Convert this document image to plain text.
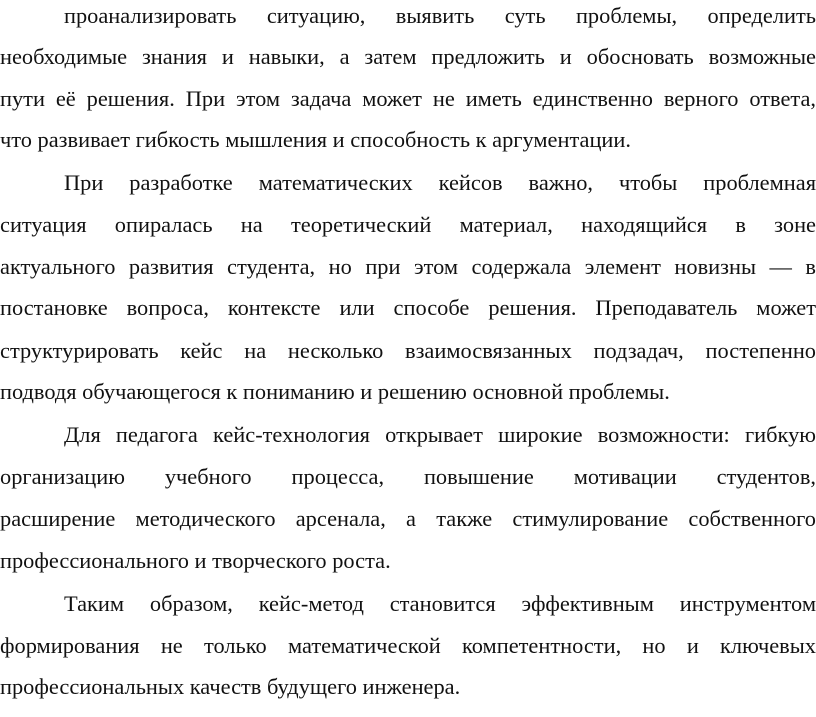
проанализировать ситуацию, выявить суть проблемы, определить
необходимые знания и навыки, а затем предложить и обосновать возможные
пути её решения. При этом задача может не иметь единственно верного ответа,
что развивает гибкость мышления и способность к аргументации.
При разработке математических кейсов важно, чтобы проблемная
ситуация опиралась на теоретический материал, находящийся в зоне
актуального развития студента, но при этом содержала элемент новизны — в
постановке вопроса, контексте или способе решения. Преподаватель может
структурировать кейс на несколько взаимосвязанных подзадач, постепенно
подводя обучающегося к пониманию и решению основной проблемы.
Для педагога кейс-технология открывает широкие возможности: гибкую
организацию учебного процесса, повышение мотивации студентов,
расширение методического арсенала, а также стимулирование собственного
профессионального и творческого роста.
Таким образом, кейс-метод становится эффективным инструментом
формирования не только математической компетентности, но и ключевых
профессиональных качеств будущего инженера.
